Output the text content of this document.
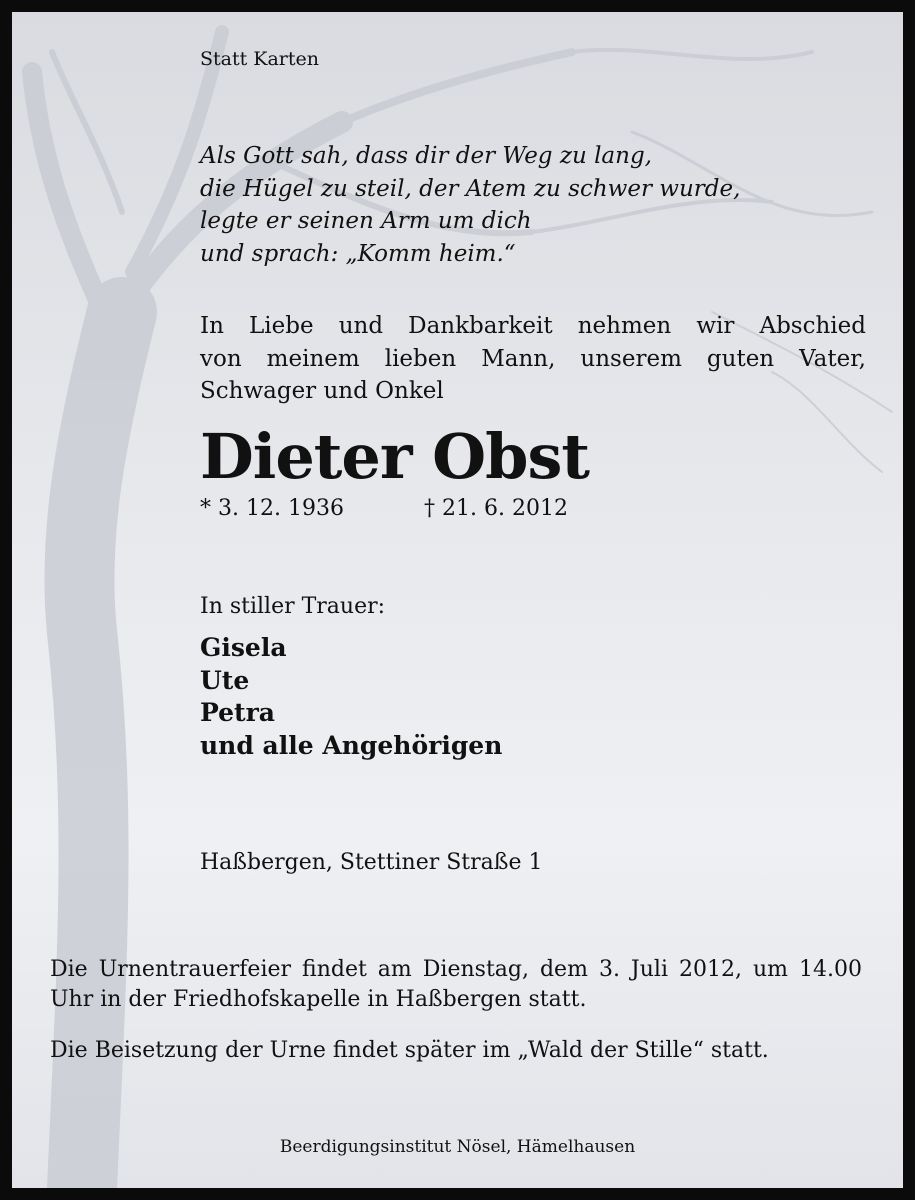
Statt Karten
Als Gott sah, dass dir der Weg zu lang,
die Hügel zu steil, der Atem zu schwer wurde,
legte er seinen Arm um dich
und sprach: „Komm heim.“
In Liebe und Dankbarkeit nehmen wir Abschied
von meinem lieben Mann, unserem guten Vater,
Schwager und Onkel
Dieter Obst
* 3. 12. 1936	† 21. 6. 2012
In stiller Trauer:
Gisela
Ute
Petra
und alle Angehörigen
Haßbergen, Stettiner Straße 1
Die Urnentrauerfeier findet am Dienstag, dem 3. Juli 2012, um 14.00 Uhr in der Friedhofskapelle in Haßbergen statt.
Die Beisetzung der Urne findet später im „Wald der Stille“ statt.
Beerdigungsinstitut Nösel, Hämelhausen
